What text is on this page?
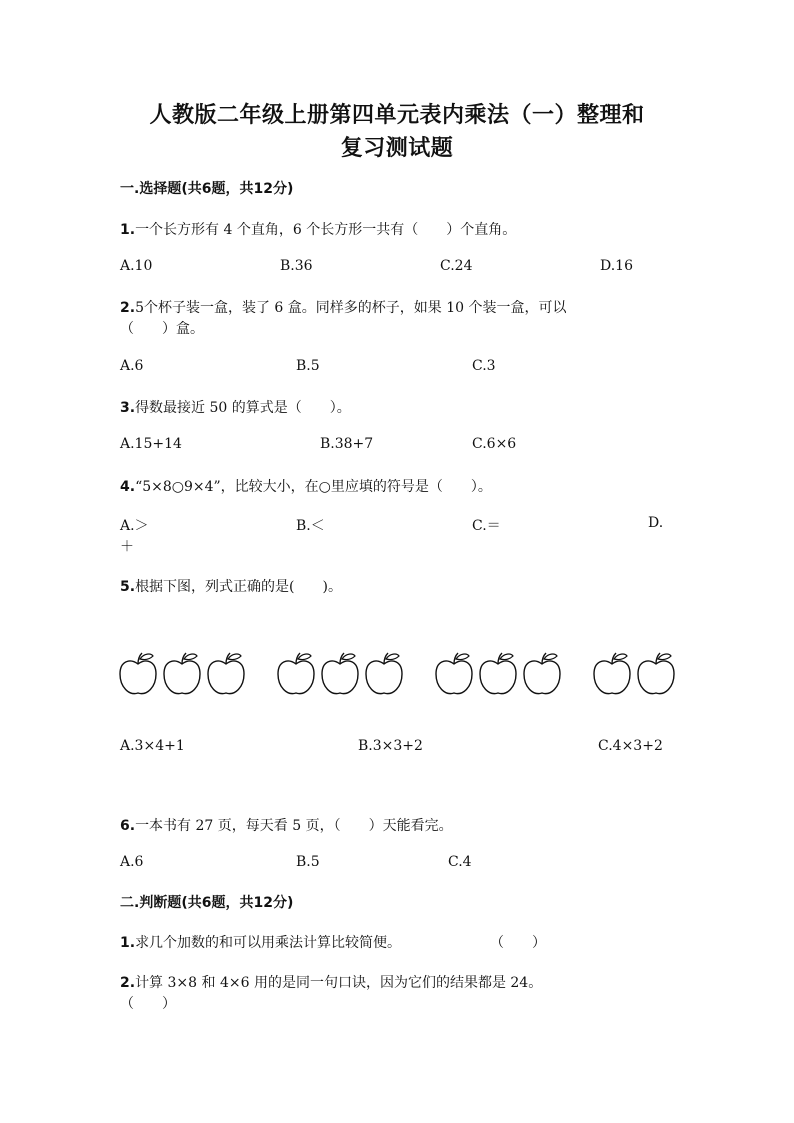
人教版二年级上册第四单元表内乘法（一）整理和
复习测试题
一.选择题(共6题，共12分)
1.一个长方形有 4 个直角，6 个长方形一共有（　　）个直角。
A.10	B.36	C.24	D.16
2.5个杯子装一盒，装了 6 盒。同样多的杯子，如果 10 个装一盒，可以
（　　）盒。
A.6	B.5	C.3
3.得数最接近 50 的算式是（　　）。
A.15+14	B.38+7	C.6×6
4.“5×8○9×4”，比较大小，在○里应填的符号是（　　）。
A.＞	B.＜	C.＝	D.
＋
5.根据下图，列式正确的是(　　)。
A.3×4+1	B.3×3+2	C.4×3+2
6.一本书有 27 页，每天看 5 页，（　　）天能看完。
A.6	B.5	C.4
二.判断题(共6题，共12分)
1.求几个加数的和可以用乘法计算比较简便。	（　　）
2.计算 3×8 和 4×6 用的是同一句口诀，因为它们的结果都是 24。
（　　）
